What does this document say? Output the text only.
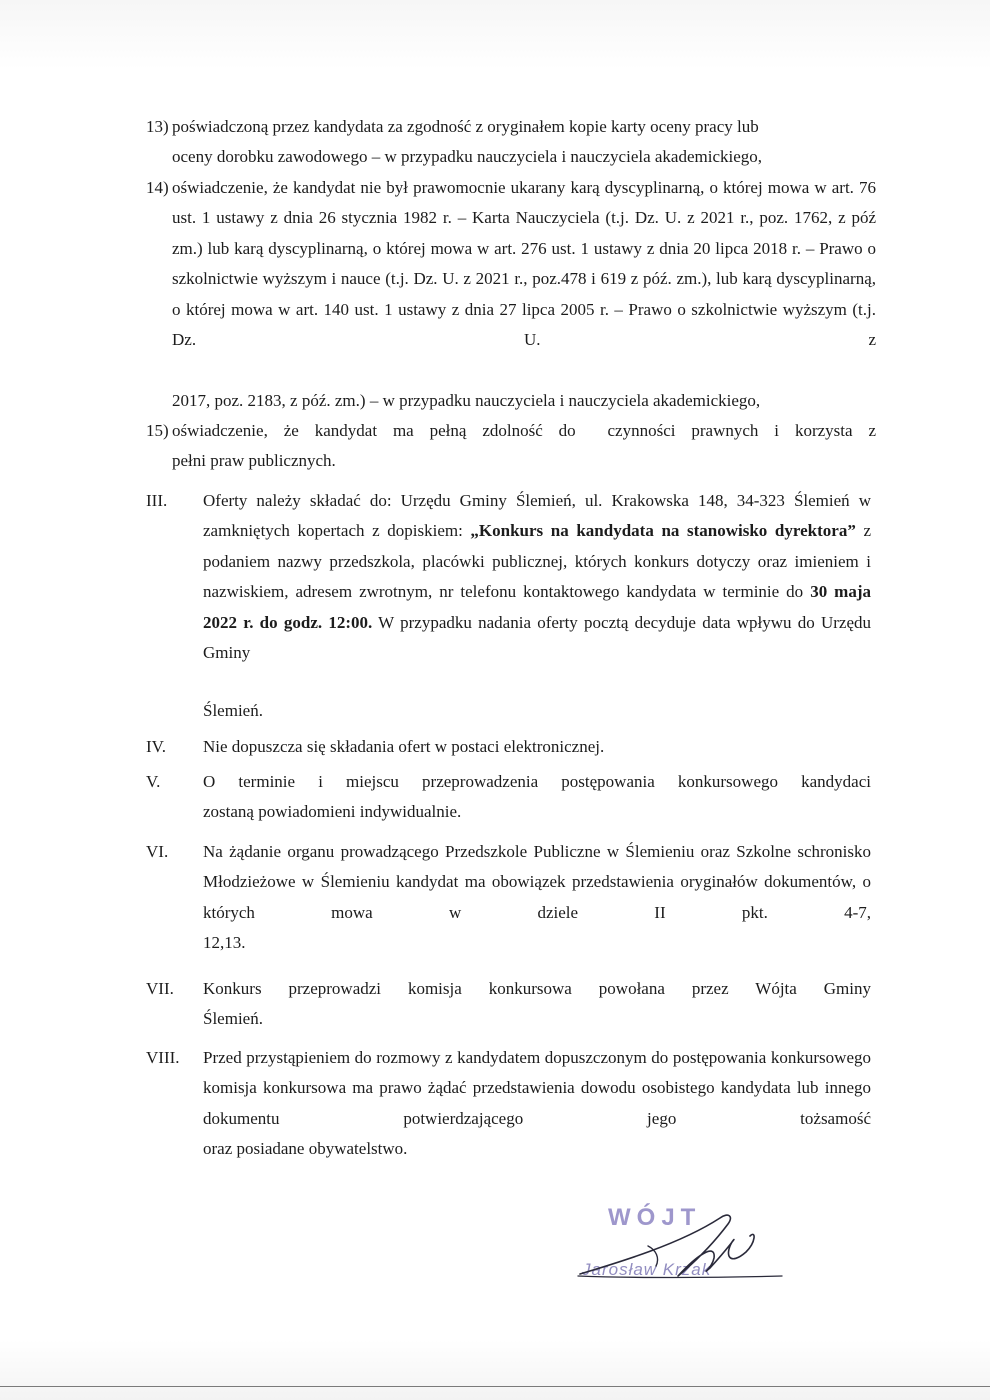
13) poświadczoną przez kandydata za zgodność z oryginałem kopie karty oceny pracy lub
oceny dorobku zawodowego – w przypadku nauczyciela i nauczyciela akademickiego,
14) oświadczenie, że kandydat nie był prawomocnie ukarany karą dyscyplinarną, o której mowa w art. 76 ust. 1 ustawy z dnia 26 stycznia 1982 r. – Karta Nauczyciela (t.j. Dz. U. z 2021 r., poz. 1762, z póź zm.) lub karą dyscyplinarną, o której mowa w art. 276 ust. 1 ustawy z dnia 20 lipca 2018 r. – Prawo o szkolnictwie wyższym i nauce (t.j. Dz. U. z 2021 r., poz.478 i 619 z póź. zm.), lub karą dyscyplinarną, o której mowa w art. 140 ust. 1 ustawy z dnia 27 lipca 2005 r. – Prawo o szkolnictwie wyższym (t.j. Dz. U. z
2017, poz. 2183, z póź. zm.) – w przypadku nauczyciela i nauczyciela akademickiego,
15) oświadczenie, że kandydat ma pełną zdolność do  czynności prawnych i korzysta z
pełni praw publicznych.
III. Oferty należy składać do: Urzędu Gminy Ślemień, ul. Krakowska 148, 34-323 Ślemień w zamkniętych kopertach z dopiskiem: „Konkurs na kandydata na stanowisko dyrektora” z podaniem nazwy przedszkola, placówki publicznej, których konkurs dotyczy oraz imieniem i nazwiskiem, adresem zwrotnym, nr telefonu kontaktowego kandydata w terminie do 30 maja 2022 r. do godz. 12:00. W przypadku nadania oferty pocztą decyduje data wpływu do Urzędu Gminy
Ślemień.
IV. Nie dopuszcza się składania ofert w postaci elektronicznej.
V.	O terminie i miejscu przeprowadzenia postępowania konkursowego kandydaci
zostaną powiadomieni indywidualnie.
VI. Na żądanie organu prowadzącego Przedszkole Publiczne w Ślemieniu oraz Szkolne schronisko Młodzieżowe w Ślemieniu kandydat ma obowiązek przedstawienia oryginałów dokumentów, o których mowa w dziele II pkt. 4-7,
12,13.
VII. Konkurs przeprowadzi komisja konkursowa powołana przez Wójta Gminy
Ślemień.
VIII. Przed przystąpieniem do rozmowy z kandydatem dopuszczonym do postępowania konkursowego komisja konkursowa ma prawo żądać przedstawienia dowodu osobistego kandydata lub innego dokumentu potwierdzającego jego tożsamość
oraz posiadane obywatelstwo.
WÓJT
Jarosław Krzak
